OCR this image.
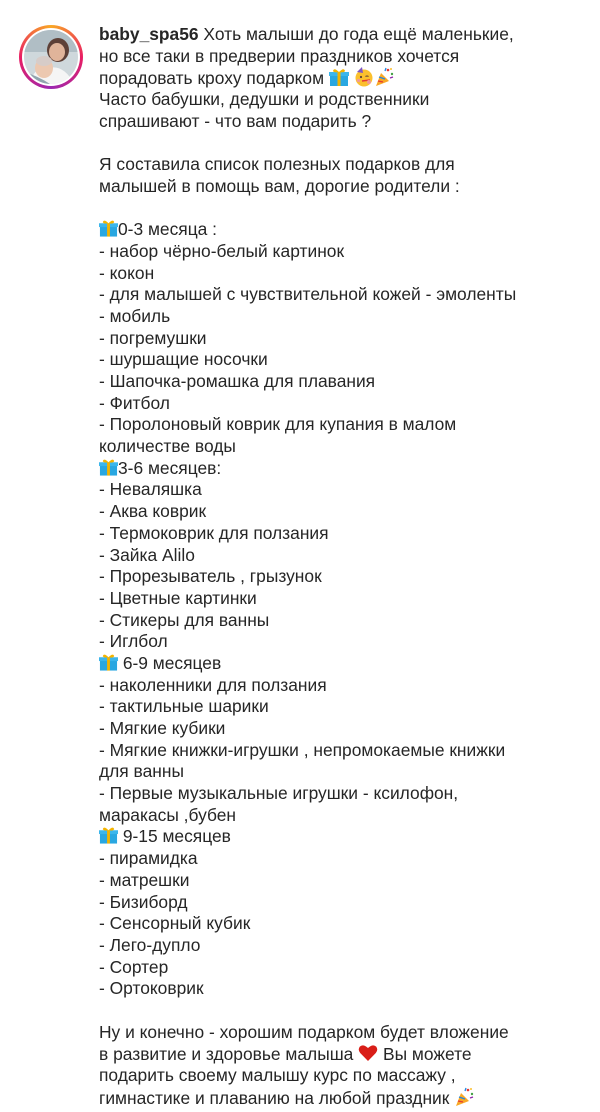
baby_spa56 Хоть малыши до года ещё маленькие,
но все таки в предверии праздников хочется
порадовать кроху подарком
Часто бабушки, дедушки и родственники
спрашивают - что вам подарить ?
Я составила список полезных подарков для
малышей в помощь вам, дорогие родители :
0-3 месяца :
- набор чёрно-белый картинок
- кокон
- для малышей с чувствительной кожей - эмоленты
- мобиль
- погремушки
- шуршащие носочки
- Шапочка-ромашка для плавания
- Фитбол
- Поролоновый коврик для купания в малом
количестве воды
3-6 месяцев:
- Неваляшка
- Аква коврик
- Термоковрик для ползания
- Зайка Alilo
- Прорезыватель , грызунок
- Цветные картинки
- Стикеры для ванны
- Иглбол
6-9 месяцев
- наколенники для ползания
- тактильные шарики
- Мягкие кубики
- Мягкие книжки-игрушки , непромокаемые книжки
для ванны
- Первые музыкальные игрушки - ксилофон,
маракасы ,бубен
9-15 месяцев
- пирамидка
- матрешки
- Бизиборд
- Сенсорный кубик
- Лего-дупло
- Сортер
- Ортоковрик
Ну и конечно - хорошим подарком будет вложение
в развитие и здоровье малыша  Вы можете
подарить своему малышу курс по массажу ,
гимнастике и плаванию на любой праздник
